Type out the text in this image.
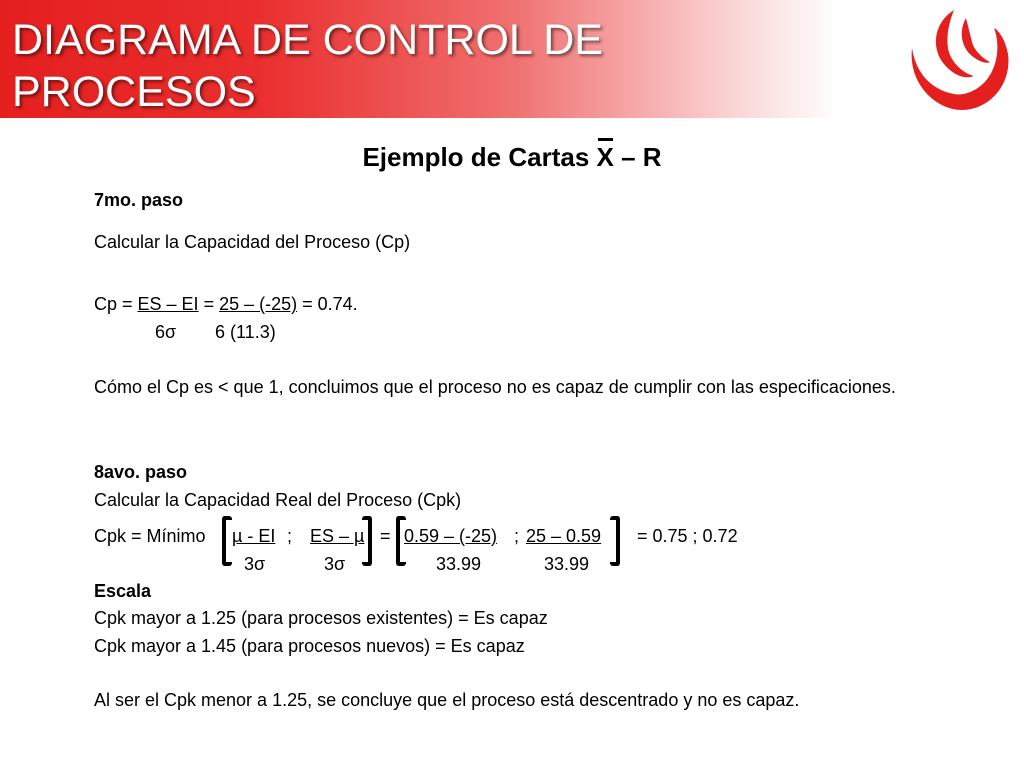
DIAGRAMA DE CONTROL DE
PROCESOS
Ejemplo de Cartas X – R
7mo. paso
Calcular la Capacidad del Proceso (Cp)
Cp = ES – EI = 25 – (-25) = 0.74.
6σ 6 (11.3)
Cómo el Cp es < que 1, concluimos que el proceso no es capaz de cumplir con las especificaciones.
8avo. paso
Calcular la Capacidad Real del Proceso (Cpk)
Cpk = Mínimo µ - EI ; ES – µ = 0.59 – (-25) ; 25 – 0.59 = 0.75 ; 0.72
3σ	3σ	33.99	33.99
Escala
Cpk mayor a 1.25 (para procesos existentes) = Es capaz
Cpk mayor a 1.45 (para procesos nuevos) = Es capaz
Al ser el Cpk menor a 1.25, se concluye que el proceso está descentrado y no es capaz.
